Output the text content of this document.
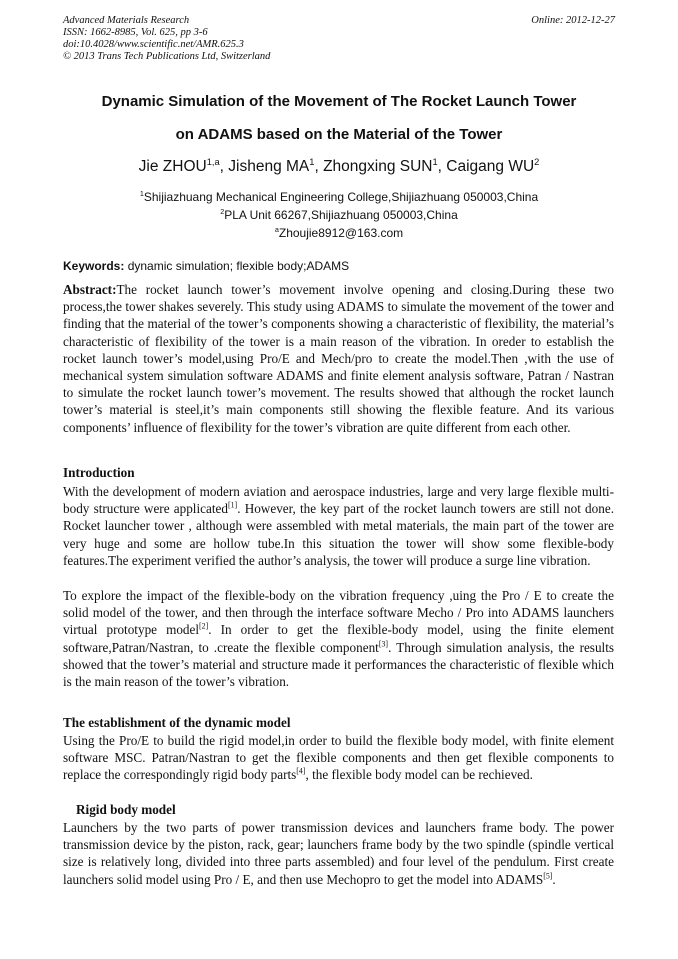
Advanced Materials Research
ISSN: 1662-8985, Vol. 625, pp 3-6
doi:10.4028/www.scientific.net/AMR.625.3
© 2013 Trans Tech Publications Ltd, Switzerland
Online: 2012-12-27
Dynamic Simulation of the Movement of The Rocket Launch Tower
on ADAMS based on the Material of the Tower
Jie ZHOU$^{1,a}$, Jisheng $MA^1$, Zhongxing SUN$^1$, Caigang $WU^2$
$^1$Shijiazhuang Mechanical Engineering College,Shijiazhuang 050003,China
$^2$PLA Unit 66267,Shijiazhuang 050003,China
$^a$Zhoujie8912@163.com
Keywords: dynamic simulation; flexible body;ADAMS
Abstract:The rocket launch tower’s movement involve opening and closing.During these two process,the tower shakes severely. This study using ADAMS to simulate the movement of the tower and finding that the material of the tower’s components showing a characteristic of flexibility, the material’s characteristic of flexibility of the tower is a main reason of the vibration. In oreder to establish the rocket launch tower’s model,using Pro/E and Mech/pro to create the model.Then ,with the use of mechanical system simulation software ADAMS and finite element analysis software, Patran / Nastran to simulate the rocket launch tower’s movement. The results showed that although the rocket launch tower’s material is steel,it’s main components still showing the flexible feature. And its various components’ influence of flexibility for the tower’s vibration are quite different from each other.
Introduction
With the development of modern aviation and aerospace industries, large and very large flexible multi-body structure were applicated[1]. However, the key part of the rocket launch towers are still not done. Rocket launcher tower , although were assembled with metal materials, the main part of the tower are very huge and some are hollow tube.In this situation the tower will show some flexible-body features.The experiment verified the author’s analysis, the tower will produce a surge line vibration.
To explore the impact of the flexible-body on the vibration frequency ,uing the Pro / E to create the solid model of the tower, and then through the interface software Mecho / Pro into ADAMS launchers virtual prototype model[2]. In order to get the flexible-body model, using the finite element software,Patran/Nastran, to .create the flexible component[3]. Through simulation analysis, the results showed that the tower’s material and structure made it performances the characteristic of flexible which is the main reason of the tower’s vibration.
The establishment of the dynamic model
Using the Pro/E to build the rigid model,in order to build the flexible body model, with finite element software MSC. Patran/Nastran to get the flexible components and then get flexible components to replace the correspondingly rigid body parts[4], the flexible body model can be rechieved.
Rigid body model
Launchers by the two parts of power transmission devices and launchers frame body. The power transmission device by the piston, rack, gear; launchers frame body by the two spindle (spindle vertical size is relatively long, divided into three parts assembled) and four level of the pendulum. First create launchers solid model using Pro / E, and then use Mechopro to get the model into ADAMS[5].
